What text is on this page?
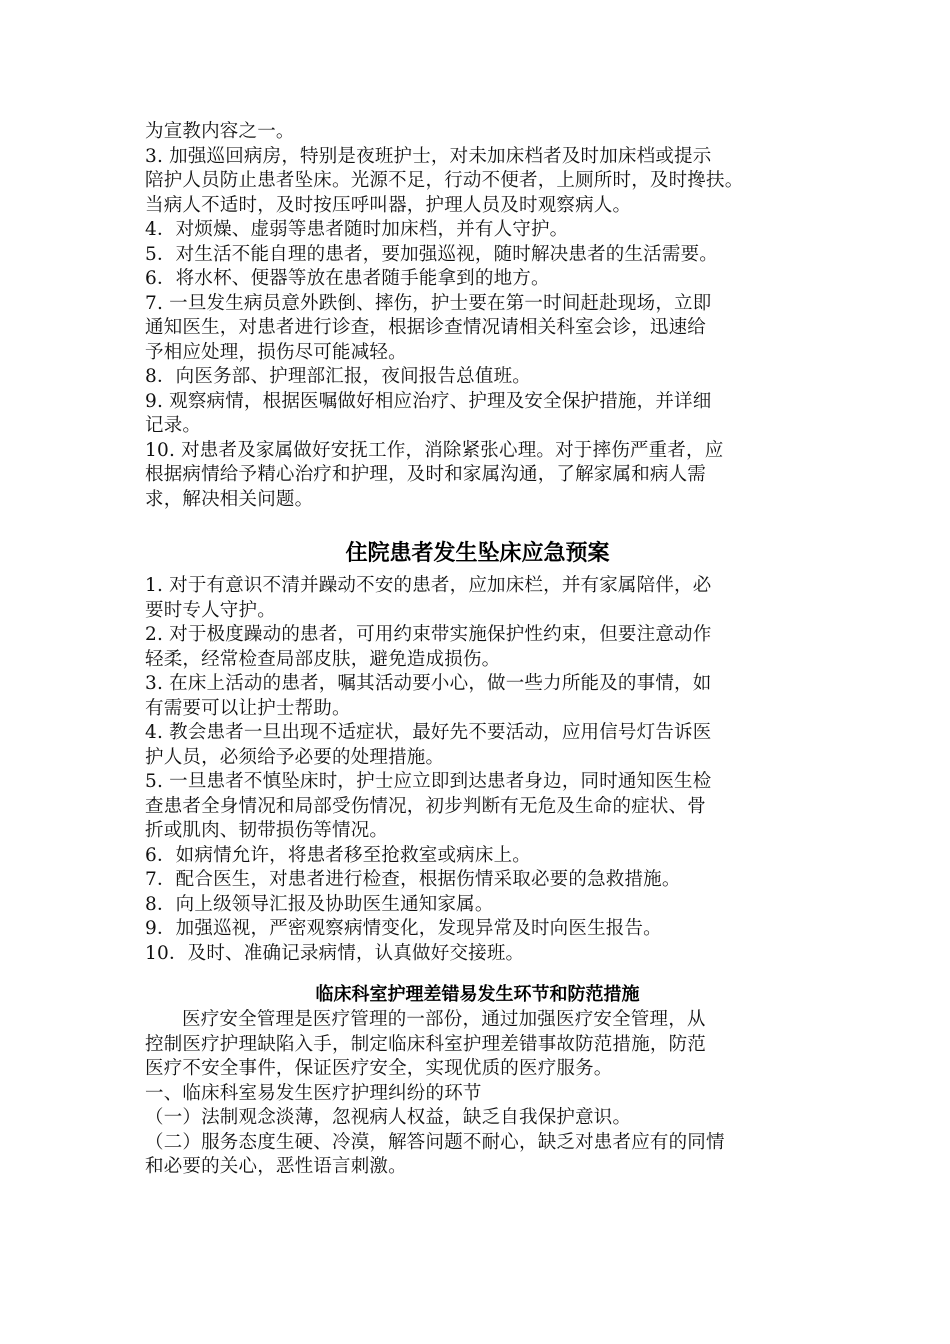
为宣教内容之一。
3. 加强巡回病房，特别是夜班护士，对未加床档者及时加床档或提示
陪护人员防止患者坠床。光源不足，行动不便者，上厕所时，及时搀扶。
当病人不适时，及时按压呼叫器，护理人员及时观察病人。
4．对烦燥、虚弱等患者随时加床档，并有人守护。
5．对生活不能自理的患者，要加强巡视，随时解决患者的生活需要。
6．将水杯、便器等放在患者随手能拿到的地方。
7. 一旦发生病员意外跌倒、摔伤，护士要在第一时间赶赴现场，立即
通知医生，对患者进行诊查，根据诊查情况请相关科室会诊，迅速给
予相应处理，损伤尽可能减轻。
8．向医务部、护理部汇报，夜间报告总值班。
9. 观察病情，根据医嘱做好相应治疗、护理及安全保护措施，并详细
记录。
10. 对患者及家属做好安抚工作，消除紧张心理。对于摔伤严重者，应
根据病情给予精心治疗和护理，及时和家属沟通，了解家属和病人需
求，解决相关问题。
住院患者发生坠床应急预案
1. 对于有意识不清并躁动不安的患者，应加床栏，并有家属陪伴，必
要时专人守护。
2. 对于极度躁动的患者，可用约束带实施保护性约束，但要注意动作
轻柔，经常检查局部皮肤，避免造成损伤。
3. 在床上活动的患者，嘱其活动要小心，做一些力所能及的事情，如
有需要可以让护士帮助。
4. 教会患者一旦出现不适症状，最好先不要活动，应用信号灯告诉医
护人员，必须给予必要的处理措施。
5. 一旦患者不慎坠床时，护士应立即到达患者身边，同时通知医生检
查患者全身情况和局部受伤情况，初步判断有无危及生命的症状、骨
折或肌肉、韧带损伤等情况。
6．如病情允许，将患者移至抢救室或病床上。
7．配合医生，对患者进行检查，根据伤情采取必要的急救措施。
8．向上级领导汇报及协助医生通知家属。
9．加强巡视，严密观察病情变化，发现异常及时向医生报告。
10．及时、准确记录病情，认真做好交接班。
临床科室护理差错易发生环节和防范措施
医疗安全管理是医疗管理的一部份，通过加强医疗安全管理，从
控制医疗护理缺陷入手，制定临床科室护理差错事故防范措施，防范
医疗不安全事件，保证医疗安全，实现优质的医疗服务。
一、临床科室易发生医疗护理纠纷的环节
（一）法制观念淡薄，忽视病人权益，缺乏自我保护意识。
（二）服务态度生硬、冷漠，解答问题不耐心，缺乏对患者应有的同情
和必要的关心，恶性语言刺激。
